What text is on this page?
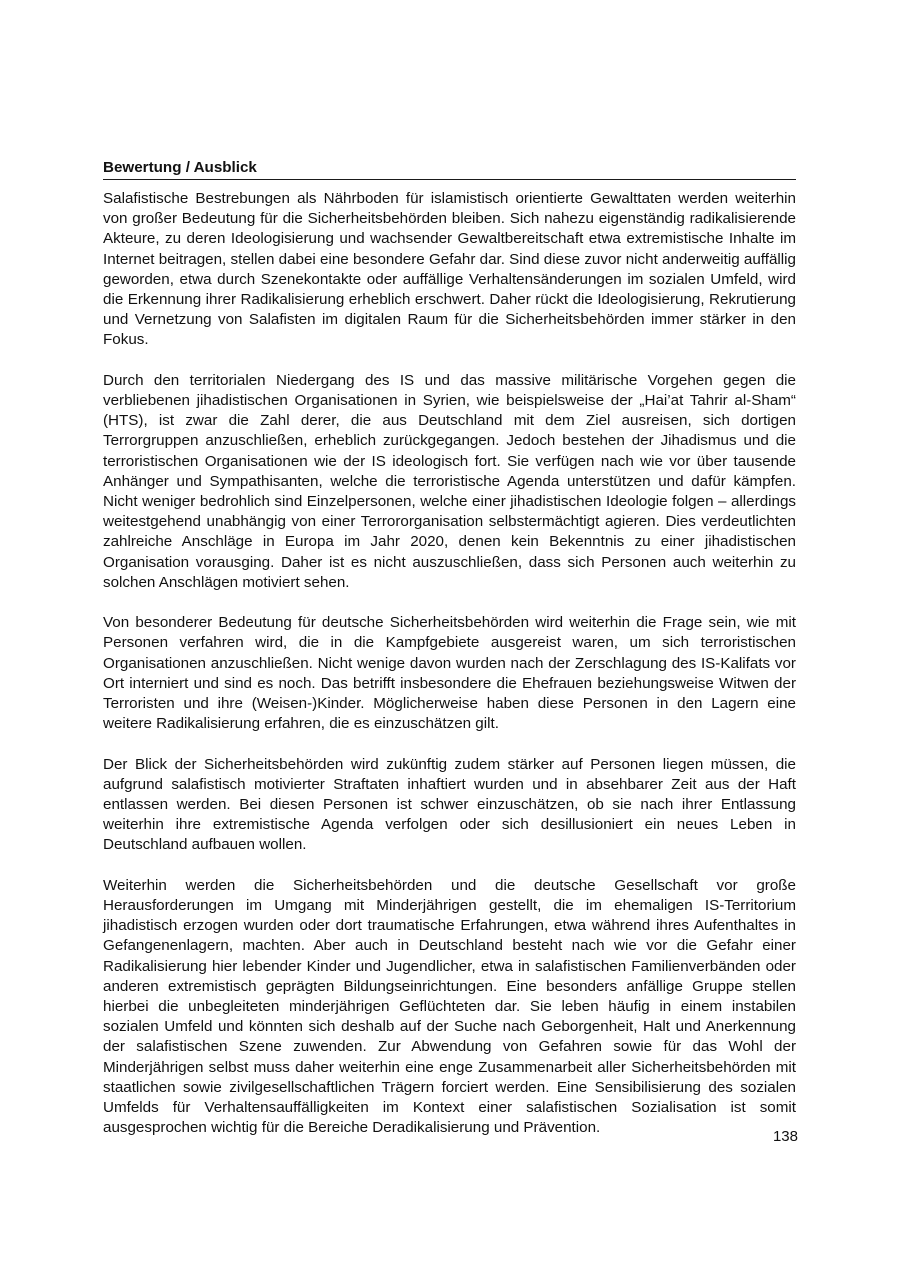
Bewertung / Ausblick

Salafistische Bestrebungen als Nährboden für islamistisch orientierte Gewalttaten werden weiterhin von großer Bedeutung für die Sicherheitsbehörden bleiben. Sich nahezu eigenständig radikalisierende Akteure, zu deren Ideologisierung und wachsender Gewaltbereitschaft etwa extremistische Inhalte im Internet beitragen, stellen dabei eine besondere Gefahr dar. Sind diese zuvor nicht anderweitig auffällig geworden, etwa durch Szenekontakte oder auffällige Verhaltensänderungen im sozialen Umfeld, wird die Erkennung ihrer Radikalisierung erheblich erschwert. Daher rückt die Ideologisierung, Rekrutierung und Vernetzung von Salafisten im digitalen Raum für die Sicherheitsbehörden immer stärker in den Fokus.

Durch den territorialen Niedergang des IS und das massive militärische Vorgehen gegen die verbliebenen jihadistischen Organisationen in Syrien, wie beispielsweise der „Hai’at Tahrir al-Sham“ (HTS), ist zwar die Zahl derer, die aus Deutschland mit dem Ziel ausreisen, sich dortigen Terrorgruppen anzuschließen, erheblich zurückgegangen. Jedoch bestehen der Jihadismus und die terroristischen Organisationen wie der IS ideologisch fort. Sie verfügen nach wie vor über tausende Anhänger und Sympathisanten, welche die terroristische Agenda unterstützen und dafür kämpfen. Nicht weniger bedrohlich sind Einzelpersonen, welche einer jihadistischen Ideologie folgen – allerdings weitestgehend unabhängig von einer Terrororganisation selbstermächtigt agieren. Dies verdeutlichten zahlreiche Anschläge in Europa im Jahr 2020, denen kein Bekenntnis zu einer jihadistischen Organisation vorausging. Daher ist es nicht auszuschließen, dass sich Personen auch weiterhin zu solchen Anschlägen motiviert sehen.

Von besonderer Bedeutung für deutsche Sicherheitsbehörden wird weiterhin die Frage sein, wie mit Personen verfahren wird, die in die Kampfgebiete ausgereist waren, um sich terroristischen Organisationen anzuschließen. Nicht wenige davon wurden nach der Zerschlagung des IS-Kalifats vor Ort interniert und sind es noch. Das betrifft insbesondere die Ehefrauen beziehungsweise Witwen der Terroristen und ihre (Weisen-)Kinder. Möglicherweise haben diese Personen in den Lagern eine weitere Radikalisierung erfahren, die es einzuschätzen gilt.

Der Blick der Sicherheitsbehörden wird zukünftig zudem stärker auf Personen liegen müssen, die aufgrund salafistisch motivierter Straftaten inhaftiert wurden und in absehbarer Zeit aus der Haft entlassen werden. Bei diesen Personen ist schwer einzuschätzen, ob sie nach ihrer Entlassung weiterhin ihre extremistische Agenda verfolgen oder sich desillusioniert ein neues Leben in Deutschland aufbauen wollen.

Weiterhin werden die Sicherheitsbehörden und die deutsche Gesellschaft vor große Herausforderungen im Umgang mit Minderjährigen gestellt, die im ehemaligen IS-Territorium jihadistisch erzogen wurden oder dort traumatische Erfahrungen, etwa während ihres Aufenthaltes in Gefangenenlagern, machten. Aber auch in Deutschland besteht nach wie vor die Gefahr einer Radikalisierung hier lebender Kinder und Jugendlicher, etwa in salafistischen Familienverbänden oder anderen extremistisch geprägten Bildungseinrichtungen. Eine besonders anfällige Gruppe stellen hierbei die unbegleiteten minderjährigen Geflüchteten dar. Sie leben häufig in einem instabilen sozialen Umfeld und könnten sich deshalb auf der Suche nach Geborgenheit, Halt und Anerkennung der salafistischen Szene zuwenden. Zur Abwendung von Gefahren sowie für das Wohl der Minderjährigen selbst muss daher weiterhin eine enge Zusammenarbeit aller Sicherheitsbehörden mit staatlichen sowie zivilgesellschaftlichen Trägern forciert werden. Eine Sensibilisierung des sozialen Umfelds für Verhaltensauffälligkeiten im Kontext einer salafistischen Sozialisation ist somit ausgesprochen wichtig für die Bereiche Deradikalisierung und Prävention.

138
